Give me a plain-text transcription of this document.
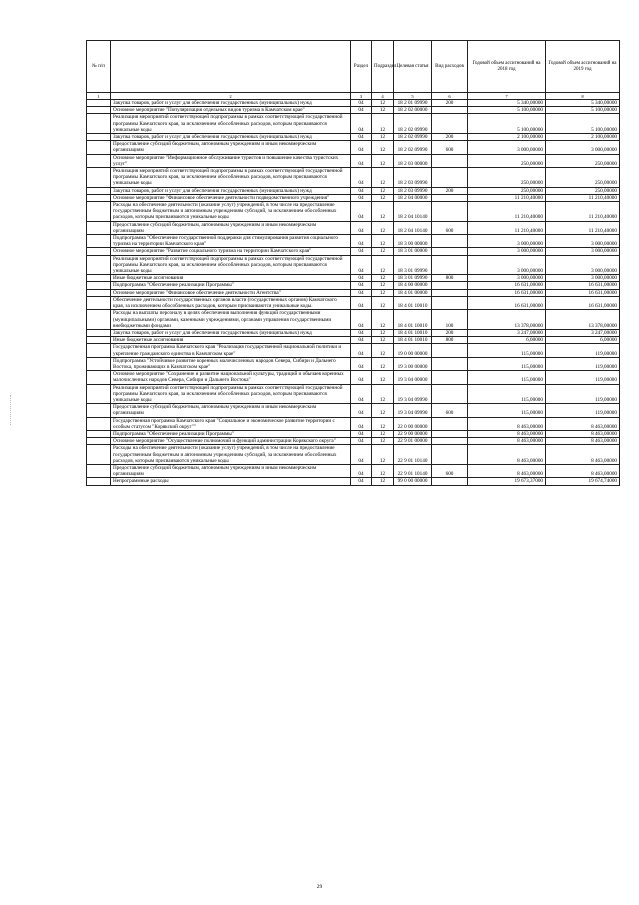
№ п/п		Раздел	Подраздел	Целевая статья	Вид расходов	Годовой объем ассигнований на 2018 год	Годовой объем ассигнований на 2019 год
1	2	3	4	5	6	7	8
	Закупка товаров, работ и услуг для обеспечения государственных (муниципальных) нужд	04	12	18 2 01 09990	200	5 340,00000	5 340,00000
	Основное мероприятие "Популяризация отдельных видов туризма в Камчатском крае"	04	12	18 2 02 00000		5 100,00000	5 100,00000
	Реализация мероприятий соответствующей подпрограммы в рамках соответствующей государственной программы Камчатского края, за исключением обособленных расходов, которым присваиваются уникальные коды	04	12	18 2 02 09990		5 100,00000	5 100,00000
	Закупка товаров, работ и услуг для обеспечения государственных (муниципальных) нужд	04	12	18 2 02 09990	200	2 100,00000	2 100,00000
	Предоставление субсидий бюджетным, автономным учреждениям и иным некоммерческим организациям	04	12	18 2 02 09990	600	3 000,00000	3 000,00000
	Основное мероприятие "Информационное обслуживание туристов и повышение качества туристских услуг"	04	12	18 2 03 00000		250,00000	250,00000
	Реализация мероприятий соответствующей подпрограммы в рамках соответствующей государственной программы Камчатского края, за исключением обособленных расходов, которым присваиваются уникальные коды	04	12	18 2 03 09990		250,00000	250,00000
	Закупка товаров, работ и услуг для обеспечения государственных (муниципальных) нужд	04	12	18 2 03 09990	200	250,00000	250,00000
	Основное мероприятие "Финансовое обеспечение деятельности подведомственного учреждения"	04	12	18 2 04 00000		11 210,40000	11 210,40000
	Расходы на обеспечение деятельности (оказание услуг) учреждений, в том числе на предоставление государственным бюджетным и автономным учреждениям субсидий, за исключением обособленных расходов, которым присваиваются уникальные коды	04	12	18 2 04 10140		11 210,40000	11 210,40000
	Предоставление субсидий бюджетным, автономным учреждениям и иным некоммерческим организациям	04	12	18 2 04 10140	600	11 210,40000	11 210,40000
	Подпрограмма "Обеспечение государственной поддержки для стимулирования развития социального туризма на территории Камчатского края"	04	12	18 3 00 00000		3 000,00000	3 000,00000
	Основное мероприятие "Развитие социального туризма на территории Камчатского края"	04	12	18 3 01 00000		3 000,00000	3 000,00000
	Реализация мероприятий соответствующей подпрограммы в рамках соответствующей государственной программы Камчатского края, за исключением обособленных расходов, которым присваиваются уникальные коды	04	12	18 3 01 09990		3 000,00000	3 000,00000
	Иные бюджетные ассигнования	04	12	18 3 01 09990	800	3 000,00000	3 000,00000
	Подпрограмма "Обеспечение реализации Программы"	04	12	18 4 00 00000		16 631,00000	16 631,00000
	Основное мероприятие "Финансовое обеспечение деятельности Агентства"	04	12	18 4 01 00000		16 631,00000	16 631,00000
	Обеспечение деятельности государственных органов власти (государственных органов) Камчатского края, за исключением обособленных расходов, которым присваиваются уникальные коды.	04	12	18 4 01 10010		16 631,00000	16 631,00000
	Расходы на выплаты персоналу в целях обеспечения выполнения функций государственными (муниципальными) органами, казенными учреждениями, органами управления государственными внебюджетными фондами	04	12	18 4 01 10010	100	13 378,00000	13 378,00000
	Закупка товаров, работ и услуг для обеспечения государственных (муниципальных) нужд	04	12	18 4 01 10010	200	3 247,00000	3 247,00000
	Иные бюджетные ассигнования	04	12	18 4 01 10010	800	6,00000	6,00000
	Государственная программа Камчатского края "Реализация государственной национальной политики и укрепление гражданского единства в Камчатском крае"	04	12	19 0 00 00000		115,00000	119,00000
	Подпрограмма "Устойчивое развитие коренных малочисленных народов Севера, Сибири и Дальнего Востока, проживающих в Камчатском крае"	04	12	19 3 00 00000		115,00000	119,00000
	Основное мероприятие "Сохранение и развитие национальной культуры, традиций и обычаев коренных малочисленных народов Севера, Сибири и Дальнего Востока"	04	12	19 3 04 00000		115,00000	119,00000
	Реализация мероприятий соответствующей подпрограммы в рамках соответствующей государственной программы Камчатского края, за исключением обособленных расходов, которым присваиваются уникальные коды	04	12	19 3 04 09990		115,00000	119,00000
	Предоставление субсидий бюджетным, автономным учреждениям и иным некоммерческим организациям	04	12	19 3 04 09990	600	115,00000	119,00000
	Государственная программа Камчатского края "Социальное и экономическое развитие территории с особым статусом "Корякский округ""	04	12	22 0 00 00000		8 463,00000	8 463,00000
	Подпрограмма "Обеспечение реализации Программы"	04	12	22 9 00 00000		8 463,00000	8 463,00000
	Основное мероприятие "Осуществление полномочий и функций администрации Корякского округа"	04	12	22 9 01 00000		8 463,00000	8 463,00000
	Расходы на обеспечение деятельности (оказание услуг) учреждений, в том числе на предоставление государственным бюджетным и автономным учреждениям субсидий, за исключением обособленных расходов, которым присваиваются уникальные коды	04	12	22 9 01 10140		8 463,00000	8 463,00000
	Предоставление субсидий бюджетным, автономным учреждениям и иным некоммерческим организациям	04	12	22 9 01 10140	600	8 463,00000	8 463,00000
	Непрограммные расходы	04	12	99 0 00 00000		19 673,37000	19 674,74000
29
